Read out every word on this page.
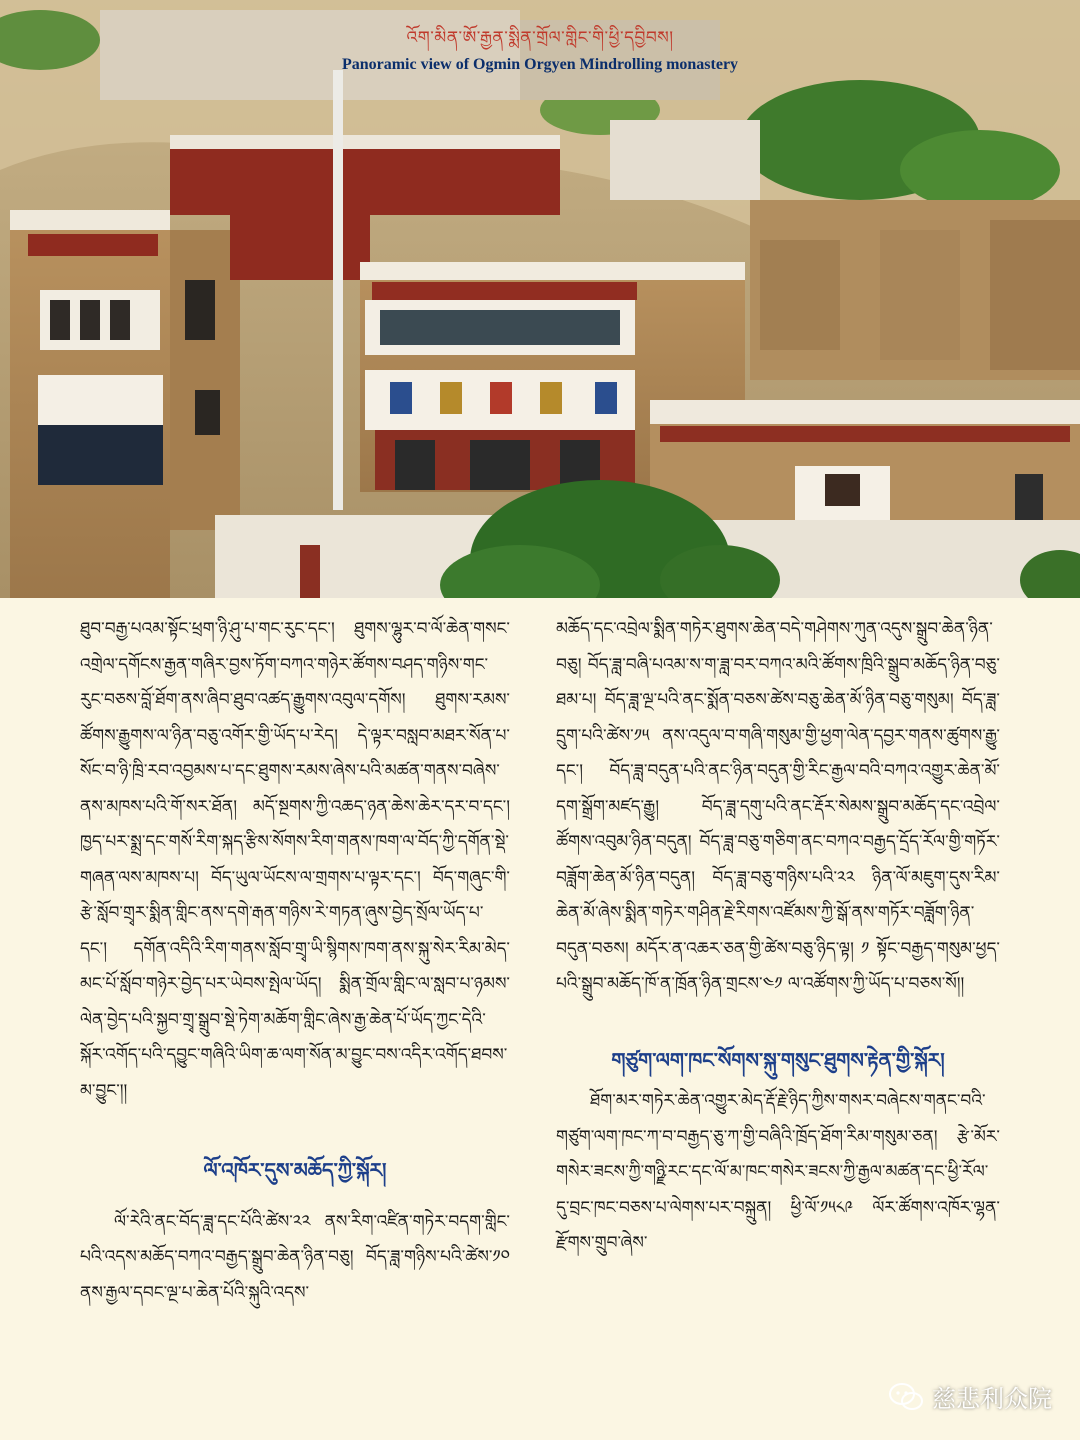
འོག་མིན་ཨོ་རྒྱན་སྨིན་གྲོལ་གླིང་གི་ཕྱི་དབྱིབས།
Panoramic view of Ogmin Orgyen Mindrolling monastery

ཐུབ་བརྒྱ་པའམ་སྟོང་ཕྲག་ཉི་ཤུ་པ་གང་རུང་དང་། ཐུགས་ལྷུར་བ་ལོ་ཆེན་གསང་འགྲེལ་དགོངས་རྒྱན་གཞིར་བྱས་ཏོག་བཀའ་གཉེར་ཚོགས་བཤད་གཉིས་གང་རུང་བཅས་བློ་ཐོག་ནས་ཞིབ་ཐུབ་འཚད་རྒྱུགས་འབུལ་དགོས། ཐུགས་རམས་ཚོགས་རྒྱུགས་ལ་ཉིན་བཅུ་འགོར་གྱི་ཡོད་པ་རེད། དེ་ལྟར་བསླབ་མཐར་སོན་པ་སོང་བ་ཉི་ཁྲི་རབ་འབྱམས་པ་དང་ཐུགས་རམས་ཞེས་པའི་མཚན་གནས་བཞེས་ནས་མཁས་པའི་གོ་སར་ཐོན། མདོ་སྔགས་ཀྱི་འཆད་ཉན་ཆེས་ཆེར་དར་བ་དང་། ཁྱད་པར་སྨྲ་དང་གསོ་རིག་སྐད་རྩིས་སོགས་རིག་གནས་ཁག་ལ་བོད་ཀྱི་དགོན་སྡེ་གཞན་ལས་མཁས་པ། བོད་ཡུལ་ཡོངས་ལ་གྲགས་པ་ལྟར་དང་། བོད་གཞུང་གི་རྩེ་སློབ་གྲྭར་སྨིན་གླིང་ནས་དགེ་རྒན་གཉིས་རེ་གཏན་ཞུས་བྱེད་སྲོལ་ཡོད་པ་དང་། དགོན་འདིའི་རིག་གནས་སློབ་གྲྭ་ཡི་སྙིགས་ཁག་ནས་སྐུ་སེར་རིམ་མེད་མང་པོ་སློབ་གཉེར་བྱེད་པར་ཡེབས་སྤེལ་ཡོད། སྨིན་གྲོལ་གླིང་ལ་སླབ་པ་ཉམས་ལེན་བྱེད་པའི་སྐྱབ་གྲྭ་སྒྲུབ་སྡེ་ཏེག་མཆོག་གླིང་ཞེས་རྒྱ་ཆེན་པོ་ཡོད་ཀྱང་དེའི་སྐོར་འགོད་པའི་དབྱུང་གཞིའི་ཡིག་ཆ་ལག་སོན་མ་བྱུང་བས་འདིར་འགོད་ཐབས་མ་བྱུང་།།

ལོ་འཁོར་དུས་མཆོད་ཀྱི་སྐོར།

ལོ་རེའི་ནང་བོད་ཟླ་དང་པོའི་ཚེས་༢༢ ནས་རིག་འཛིན་གཏེར་བདག་གླིང་པའི་འདས་མཆོད་བཀའ་བརྒྱད་སྒྲུབ་ཆེན་ཉིན་བཅུ། བོད་ཟླ་གཉིས་པའི་ཚེས་༡༠ ནས་རྒྱལ་དབང་ལྔ་པ་ཆེན་པོའི་སྐུའི་འདས་

མཆོད་དང་འབྲེལ་སྨིན་གཏེར་ཐུགས་ཆེན་བདེ་གཤེགས་ཀུན་འདུས་སྒྲུབ་ཆེན་ཉིན་བཅུ། བོད་ཟླ་བཞི་པའམ་ས་ག་ཟླ་བར་བཀའ་མའི་ཚོགས་ཁྲིའི་སྒྲུབ་མཆོད་ཉིན་བཅུ་ཐམ་པ། བོད་ཟླ་ལྔ་པའི་ནང་སྨོན་བཅས་ཚེས་བཅུ་ཆེན་མོ་ཉིན་བཅུ་གསུམ། བོད་ཟླ་དྲུག་པའི་ཚེས་༡༥ ནས་འདུལ་བ་གཞི་གསུམ་གྱི་ཕྱག་ལེན་དབྱར་གནས་ཚུགས་རྒྱུ་དང་། བོད་ཟླ་བདུན་པའི་ནང་ཉིན་བདུན་གྱི་རིང་རྒྱལ་བའི་བཀའ་འགྱུར་ཆེན་མོ་དག་སྒྲོག་མཛད་རྒྱུ། བོད་ཟླ་དགུ་པའི་ནང་རྡོར་སེམས་སྒྲུབ་མཆོད་དང་འབྲེལ་ཚོགས་འབུམ་ཉིན་བདུན། བོད་ཟླ་བཅུ་གཅིག་ནང་བཀའ་བརྒྱད་དྲོད་རོལ་གྱི་གཏོར་བཟློག་ཆེན་མོ་ཉིན་བདུན། བོད་ཟླ་བཅུ་གཉིས་པའི་༢༢ ཉིན་ལོ་མཇུག་དུས་རིམ་ཆེན་མོ་ཞེས་སྨིན་གཏེར་གཤིན་རྗེ་རིགས་འཛོམས་ཀྱི་སྒོ་ནས་གཏོར་བཟློག་ཉིན་བདུན་བཅས། མདོར་ན་འཆར་ཅན་གྱི་ཚེས་བཅུ་ཉིད་ལྟ། ༡ སྟོང་བརྒྱད་གསུམ་ཕྱད་པའི་སྒྲུབ་མཆོད་ཁོ་ན་ཁྲོན་ཉིན་གྲངས་༤༡ ལ་འཚོགས་ཀྱི་ཡོད་པ་བཅས་སོ།།

གཙུག་ལག་ཁང་སོགས་སྐུ་གསུང་ཐུགས་རྟེན་གྱི་སྐོར།

ཐོག་མར་གཏེར་ཆེན་འགྱུར་མེད་རྡོ་རྗེ་ཉིད་ཀྱིས་གསར་བཞེངས་གནང་བའི་གཙུག་ལག་ཁང་ཀ་བ་བརྒྱད་ཅུ་ཀ་གྱི་བཞིའི་ཁྲོད་ཐོག་རིམ་གསུམ་ཅན། རྩེ་མོར་གསེར་ཟངས་ཀྱི་གཉྫི་རང་དང་ལོ་མ་ཁང་གསེར་ཟངས་ཀྱི་རྒྱལ་མཚན་དང་ཕྱི་རོལ་དུ་བྲང་ཁང་བཅས་པ་ལེགས་པར་བསྐྲུན། ཕྱི་ལོ་༡༥༨༩ ལོར་ཚོགས་འཁོར་ལྷན་རྫོགས་གྲུབ་ཞེས་

慈悲利众院
